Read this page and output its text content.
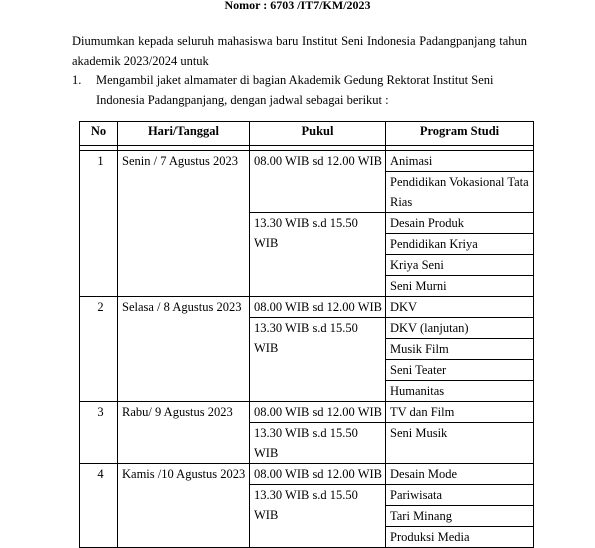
Nomor : 6703 /IT7/KM/2023
Diumumkan kepada seluruh mahasiswa baru Institut Seni Indonesia Padangpanjang tahun akademik 2023/2024 untuk
1. Mengambil jaket almamater di bagian Akademik Gedung Rektorat Institut Seni Indonesia Padangpanjang, dengan jadwal sebagai berikut :
No	Hari/Tanggal	Pukul	Program Studi

1	Senin / 7 Agustus 2023	08.00 WIB sd 12.00 WIB	Animasi
			Pendidikan Vokasional Tata Rias

		13.30 WIB s.d 15.50 WIB	Desain Produk
			Pendidikan Kriya
			Kriya Seni
			Seni Murni
2	Selasa / 8 Agustus 2023	08.00 WIB sd 12.00 WIB	DKV
		13.30 WIB s.d 15.50 WIB	DKV (lanjutan)
			Musik Film
			Seni Teater
			Humanitas
3	Rabu/ 9 Agustus 2023	08.00 WIB sd 12.00 WIB	TV dan Film
		13.30 WIB s.d 15.50 WIB	Seni Musik
4	Kamis /10 Agustus 2023	08.00 WIB sd 12.00 WIB	Desain Mode
		13.30 WIB s.d 15.50 WIB	Pariwisata
			Tari Minang
			Produksi Media
